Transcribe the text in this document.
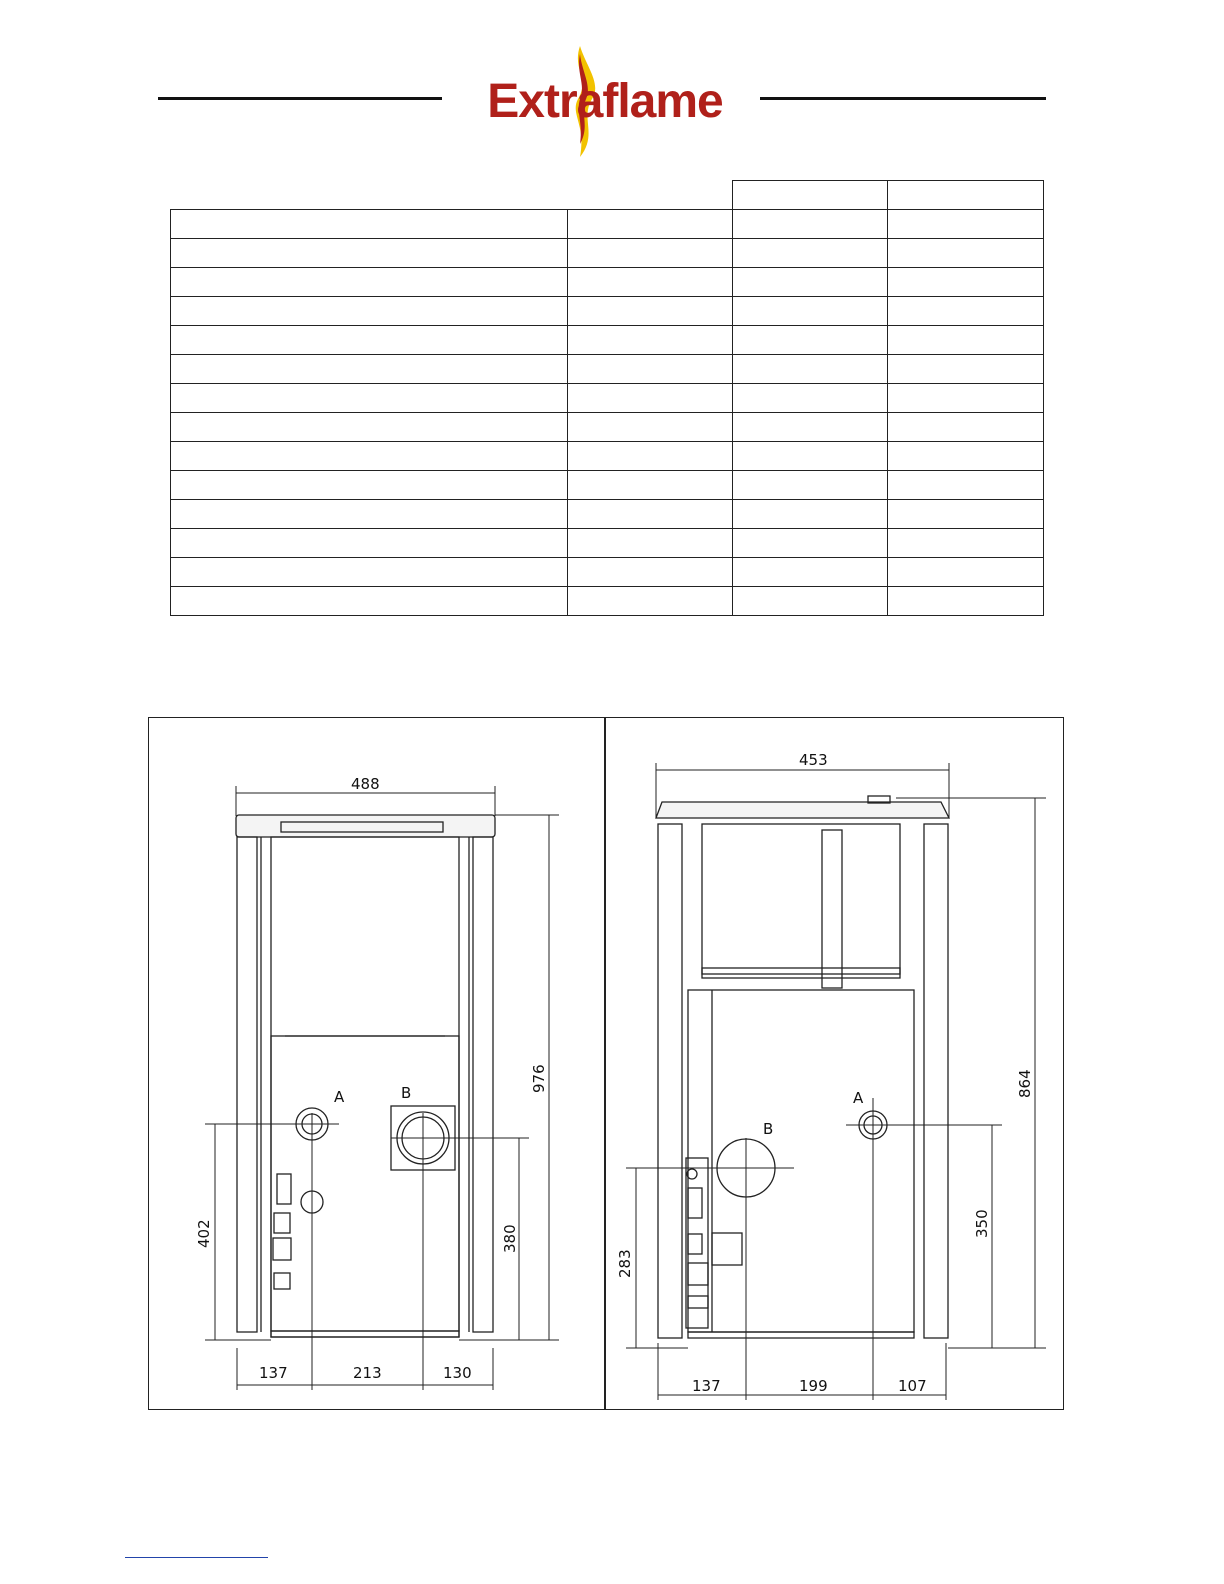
Extraflame

488
A	B
137	213	130
976
402	380
453
A
B
137	199	107
864
350
283
